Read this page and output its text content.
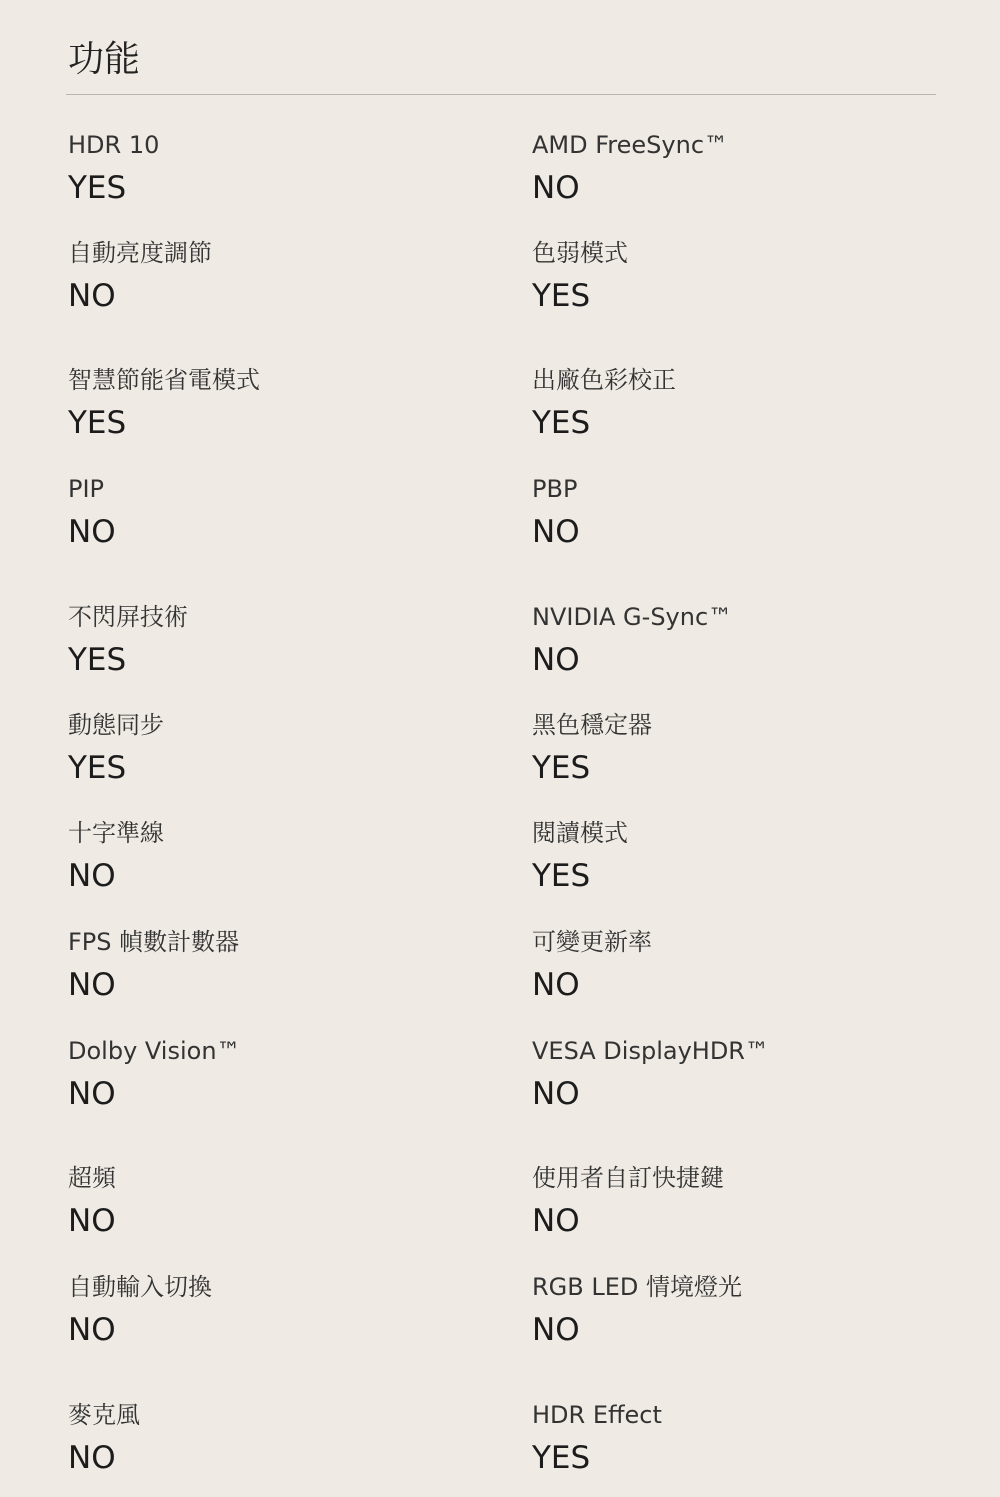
功能
HDR 10
YES
AMD FreeSync™
NO
自動亮度調節
NO
色弱模式
YES
智慧節能省電模式
YES
出廠色彩校正
YES
PIP
NO
PBP
NO
不閃屏技術
YES
NVIDIA G-Sync™
NO
動態同步
YES
黑色穩定器
YES
十字準線
NO
閱讀模式
YES
FPS 幀數計數器
NO
可變更新率
NO
Dolby Vision™
NO
VESA DisplayHDR™
NO
超頻
NO
使用者自訂快捷鍵
NO
自動輸入切換
NO
RGB LED 情境燈光
NO
麥克風
NO
HDR Effect
YES
